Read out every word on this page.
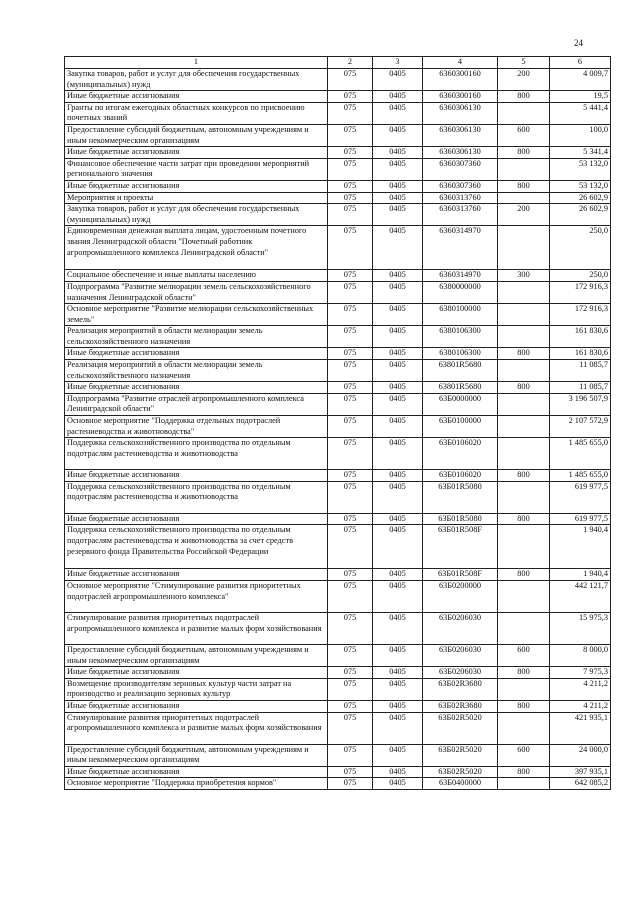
24
1	2	3	4	5	6
Закупка товаров, работ и услуг для обеспечения государственных (муниципальных) нужд	075	0405	6360300160	200	4 009,7
Иные бюджетные ассигнования	075	0405	6360300160	800	19,5
Гранты по итогам ежегодных областных конкурсов по присвоению почетных званий	075	0405	6360306130		5 441,4
Предоставление субсидий бюджетным, автономным учреждениям и иным некоммерческим организациям	075	0405	6360306130	600	100,0
Иные бюджетные ассигнования	075	0405	6360306130	800	5 341,4
Финансовое обеспечение части затрат при проведении мероприятий регионального значения	075	0405	6360307360		53 132,0
Иные бюджетные ассигнования	075	0405	6360307360	800	53 132,0
Мероприятия и проекты	075	0405	6360313760		26 602,9
Закупка товаров, работ и услуг для обеспечения государственных (муниципальных) нужд	075	0405	6360313760	200	26 602,9
Единовременная денежная выплата лицам, удостоенным почетного звания Ленинградской области "Почетный работник агропромышленного комплекса Ленинградской области"	075	0405	6360314970		250,0
Социальное обеспечение и иные выплаты населению	075	0405	6360314970	300	250,0
Подпрограмма "Развитие мелиорации земель сельскохозяйственного назначения Ленинградской области"	075	0405	6380000000		172 916,3
Основное мероприятие "Развитие мелиорации сельскохозяйственных земель"	075	0405	6380100000		172 916,3
Реализация мероприятий в области мелиорации земель сельскохозяйственного назначения	075	0405	6380106300		161 830,6
Иные бюджетные ассигнования	075	0405	6380106300	800	161 830,6
Реализация мероприятий в области мелиорации земель сельскохозяйственного назначения	075	0405	63801R5680		11 085,7
Иные бюджетные ассигнования	075	0405	63801R5680	800	11 085,7
Подпрограмма "Развитие отраслей агропромышленного комплекса Ленинградской области"	075	0405	63Б0000000		3 196 507,9
Основное мероприятие "Поддержка отдельных подотраслей растениеводства и животноводства"	075	0405	63Б0100000		2 107 572,9
Поддержка сельскохозяйственного производства по отдельным подотраслям растениеводства и животноводства	075	0405	63Б0106020		1 485 655,0
Иные бюджетные ассигнования	075	0405	63Б0106020	800	1 485 655,0
Поддержка сельскохозяйственного производства по отдельным подотраслям растениеводства и животноводства	075	0405	63Б01R5080		619 977,5
Иные бюджетные ассигнования	075	0405	63Б01R5080	800	619 977,5
Поддержка сельскохозяйственного производства по отдельным подотраслям растениеводства и животноводства за счет средств резервного фонда Правительства Российской Федерации	075	0405	63Б01R508F		1 940,4
Иные бюджетные ассигнования	075	0405	63Б01R508F	800	1 940,4
Основное мероприятие "Стимулирование развития приоритетных подотраслей агропромышленного комплекса"	075	0405	63Б0200000		442 121,7
Стимулирование развития приоритетных подотраслей агропромышленного комплекса и развитие малых форм хозяйствования	075	0405	63Б0206030		15 975,3
Предоставление субсидий бюджетным, автономным учреждениям и иным некоммерческим организациям	075	0405	63Б0206030	600	8 000,0
Иные бюджетные ассигнования	075	0405	63Б0206030	800	7 975,3
Возмещение производителям зерновых культур части затрат на производство и реализацию зерновых культур	075	0405	63Б02R3680		4 211,2
Иные бюджетные ассигнования	075	0405	63Б02R3680	800	4 211,2
Стимулирование развития приоритетных подотраслей агропромышленного комплекса и развитие малых форм хозяйствования	075	0405	63Б02R5020		421 935,1
Предоставление субсидий бюджетным, автономным учреждениям и иным некоммерческим организациям	075	0405	63Б02R5020	600	24 000,0
Иные бюджетные ассигнования	075	0405	63Б02R5020	800	397 935,1
Основное мероприятие "Поддержка приобретения кормов"	075	0405	63Б0400000		642 085,2
